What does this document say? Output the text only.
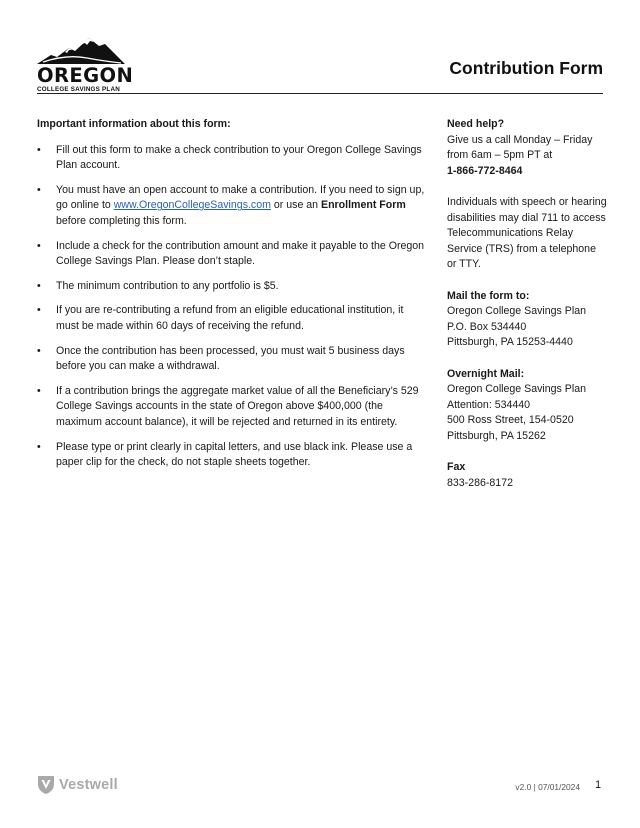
OREGON
COLLEGE SAVINGS PLAN
Contribution Form
Important information about this form:
• Fill out this form to make a check contribution to your Oregon College Savings Plan account.
• You must have an open account to make a contribution. If you need to sign up, go online to www.OregonCollegeSavings.com or use an Enrollment Form before completing this form.
• Include a check for the contribution amount and make it payable to the Oregon College Savings Plan. Please don’t staple.
• The minimum contribution to any portfolio is $5.
• If you are re-contributing a refund from an eligible educational institution, it must be made within 60 days of receiving the refund.
• Once the contribution has been processed, you must wait 5 business days before you can make a withdrawal.
• If a contribution brings the aggregate market value of all the Beneficiary’s 529 College Savings accounts in the state of Oregon above $400,000 (the maximum account balance), it will be rejected and returned in its entirety.
• Please type or print clearly in capital letters, and use black ink. Please use a paper clip for the check, do not staple sheets together.
Need help?
Give us a call Monday – Friday from 6am – 5pm PT at
1-866-772-8464
Individuals with speech or hearing disabilities may dial 711 to access Telecommunications Relay Service (TRS) from a telephone or TTY.
Mail the form to:
Oregon College Savings Plan
P.O. Box 534440
Pittsburgh, PA 15253-4440
Overnight Mail:
Oregon College Savings Plan
Attention: 534440
500 Ross Street, 154-0520
Pittsburgh, PA 15262
Fax
833-286-8172
Vestwell	v2.0 | 07/01/2024 1
